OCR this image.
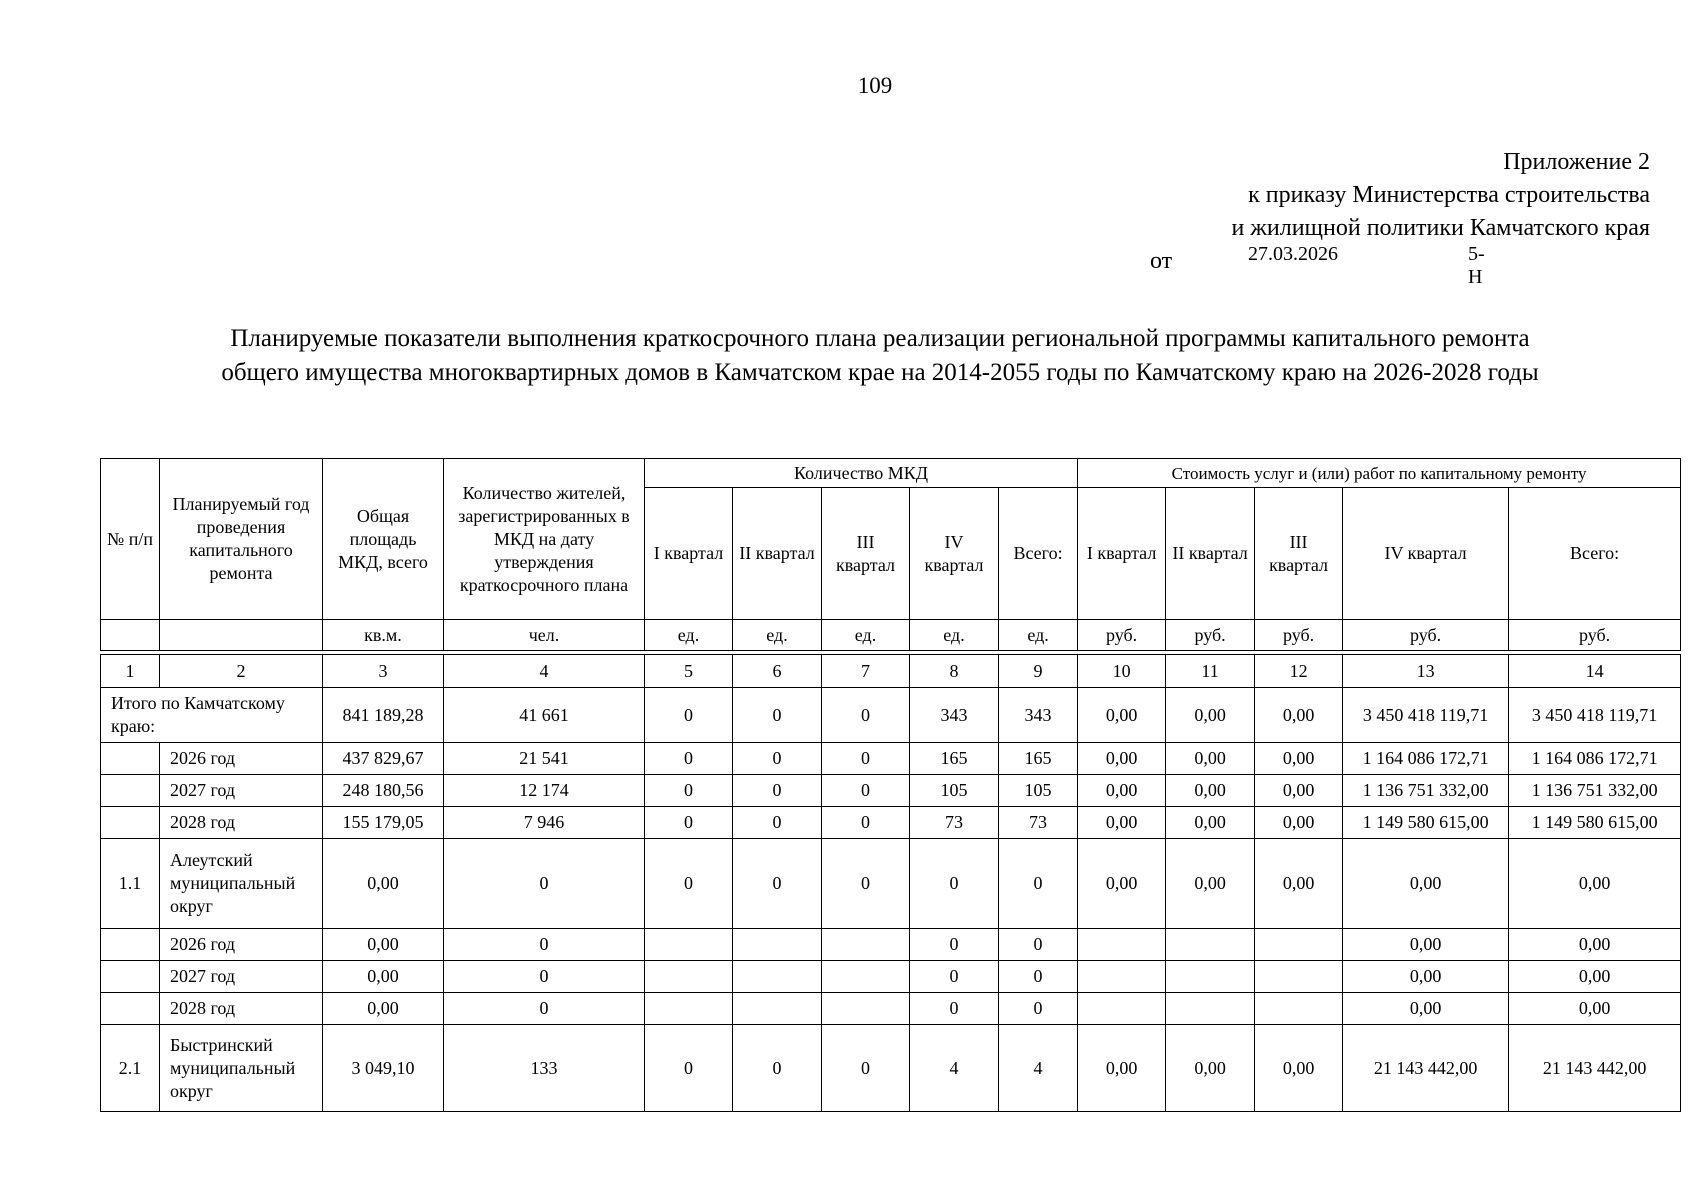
109
Приложение 2
к приказу Министерства строительства
и жилищной политики Камчатского края
от	27.03.2026	5-Н
Планируемые показатели выполнения краткосрочного плана реализации региональной программы капитального ремонта
общего имущества многоквартирных домов в Камчатском крае на 2014-2055 годы по Камчатскому краю на 2026-2028 годы
№ п/п	Планируемый год проведения капитального ремонта	Общая площадь МКД, всего	Количество жителей, зарегистрированных в МКД на дату утверждения краткосрочного плана	Количество МКД					Стоимость услуг и (или) работ по капитальному ремонту				
				I квартал	II квартал	III квартал	IV квартал	Всего:	I квартал	II квартал	III квартал	IV квартал	Всего:
		кв.м.	чел.	ед.	ед.	ед.	ед.	ед.	руб.	руб.	руб.	руб.	руб.

1	2	3	4	5	6	7	8	9	10	11	12	13	14
Итого по Камчатскому краю:		841 189,28	41 661	0	0	0	343	343	0,00	0,00	0,00	3 450 418 119,71	3 450 418 119,71
	2026 год	437 829,67	21 541	0	0	0	165	165	0,00	0,00	0,00	1 164 086 172,71	1 164 086 172,71
	2027 год	248 180,56	12 174	0	0	0	105	105	0,00	0,00	0,00	1 136 751 332,00	1 136 751 332,00
	2028 год	155 179,05	7 946	0	0	0	73	73	0,00	0,00	0,00	1 149 580 615,00	1 149 580 615,00
1.1	Алеутский муниципальный округ	0,00	0	0	0	0	0	0	0,00	0,00	0,00	0,00	0,00
	2026 год	0,00	0				0	0				0,00	0,00
	2027 год	0,00	0				0	0				0,00	0,00
	2028 год	0,00	0				0	0				0,00	0,00
2.1	Быстринский муниципальный округ	3 049,10	133	0	0	0	4	4	0,00	0,00	0,00	21 143 442,00	21 143 442,00
